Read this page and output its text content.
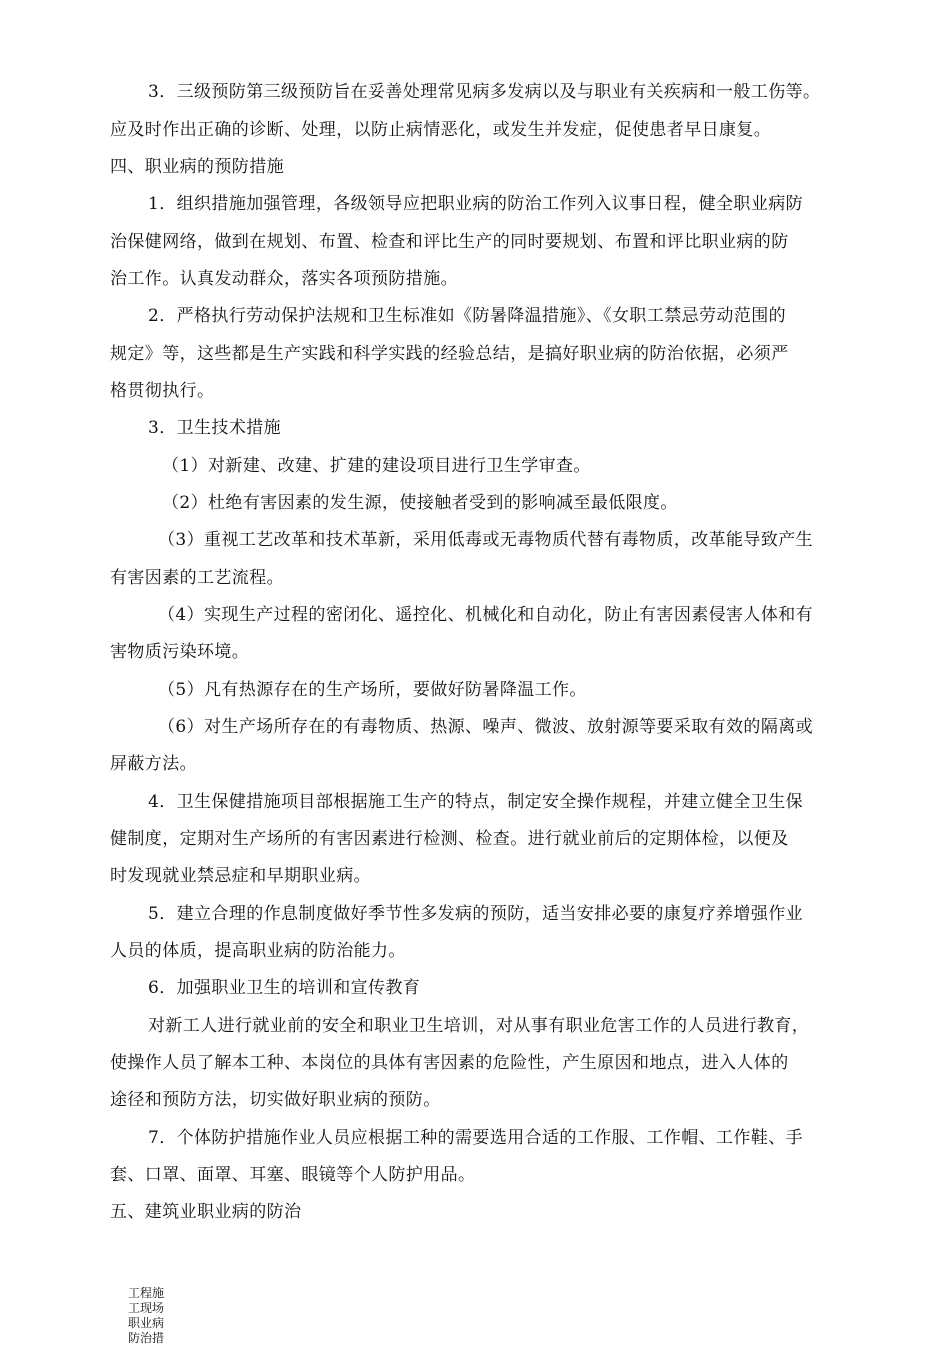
3．三级预防第三级预防旨在妥善处理常见病多发病以及与职业有关疾病和一般工伤等。
应及时作出正确的诊断、处理，以防止病情恶化，或发生并发症，促使患者早日康复。
四、职业病的预防措施
1．组织措施加强管理，各级领导应把职业病的防治工作列入议事日程，健全职业病防
治保健网络，做到在规划、布置、检查和评比生产的同时要规划、布置和评比职业病的防
治工作。认真发动群众，落实各项预防措施。
2．严格执行劳动保护法规和卫生标准如《防暑降温措施》、《女职工禁忌劳动范围的
规定》等，这些都是生产实践和科学实践的经验总结，是搞好职业病的防治依据，必须严
格贯彻执行。
3．卫生技术措施
（1）对新建、改建、扩建的建设项目进行卫生学审查。
（2）杜绝有害因素的发生源，使接触者受到的影响减至最低限度。
（3）重视工艺改革和技术革新，采用低毒或无毒物质代替有毒物质，改革能导致产生
有害因素的工艺流程。
（4）实现生产过程的密闭化、遥控化、机械化和自动化，防止有害因素侵害人体和有
害物质污染环境。
（5）凡有热源存在的生产场所，要做好防暑降温工作。
（6）对生产场所存在的有毒物质、热源、噪声、微波、放射源等要采取有效的隔离或
屏蔽方法。
4．卫生保健措施项目部根据施工生产的特点，制定安全操作规程，并建立健全卫生保
健制度，定期对生产场所的有害因素进行检测、检查。进行就业前后的定期体检，以便及
时发现就业禁忌症和早期职业病。
5．建立合理的作息制度做好季节性多发病的预防，适当安排必要的康复疗养增强作业
人员的体质，提高职业病的防治能力。
6．加强职业卫生的培训和宣传教育
对新工人进行就业前的安全和职业卫生培训，对从事有职业危害工作的人员进行教育，
使操作人员了解本工种、本岗位的具体有害因素的危险性，产生原因和地点，进入人体的
途径和预防方法，切实做好职业病的预防。
7．个体防护措施作业人员应根据工种的需要选用合适的工作服、工作帽、工作鞋、手
套、口罩、面罩、耳塞、眼镜等个人防护用品。
五、建筑业职业病的防治
工程施
工现场
职业病
防治措
